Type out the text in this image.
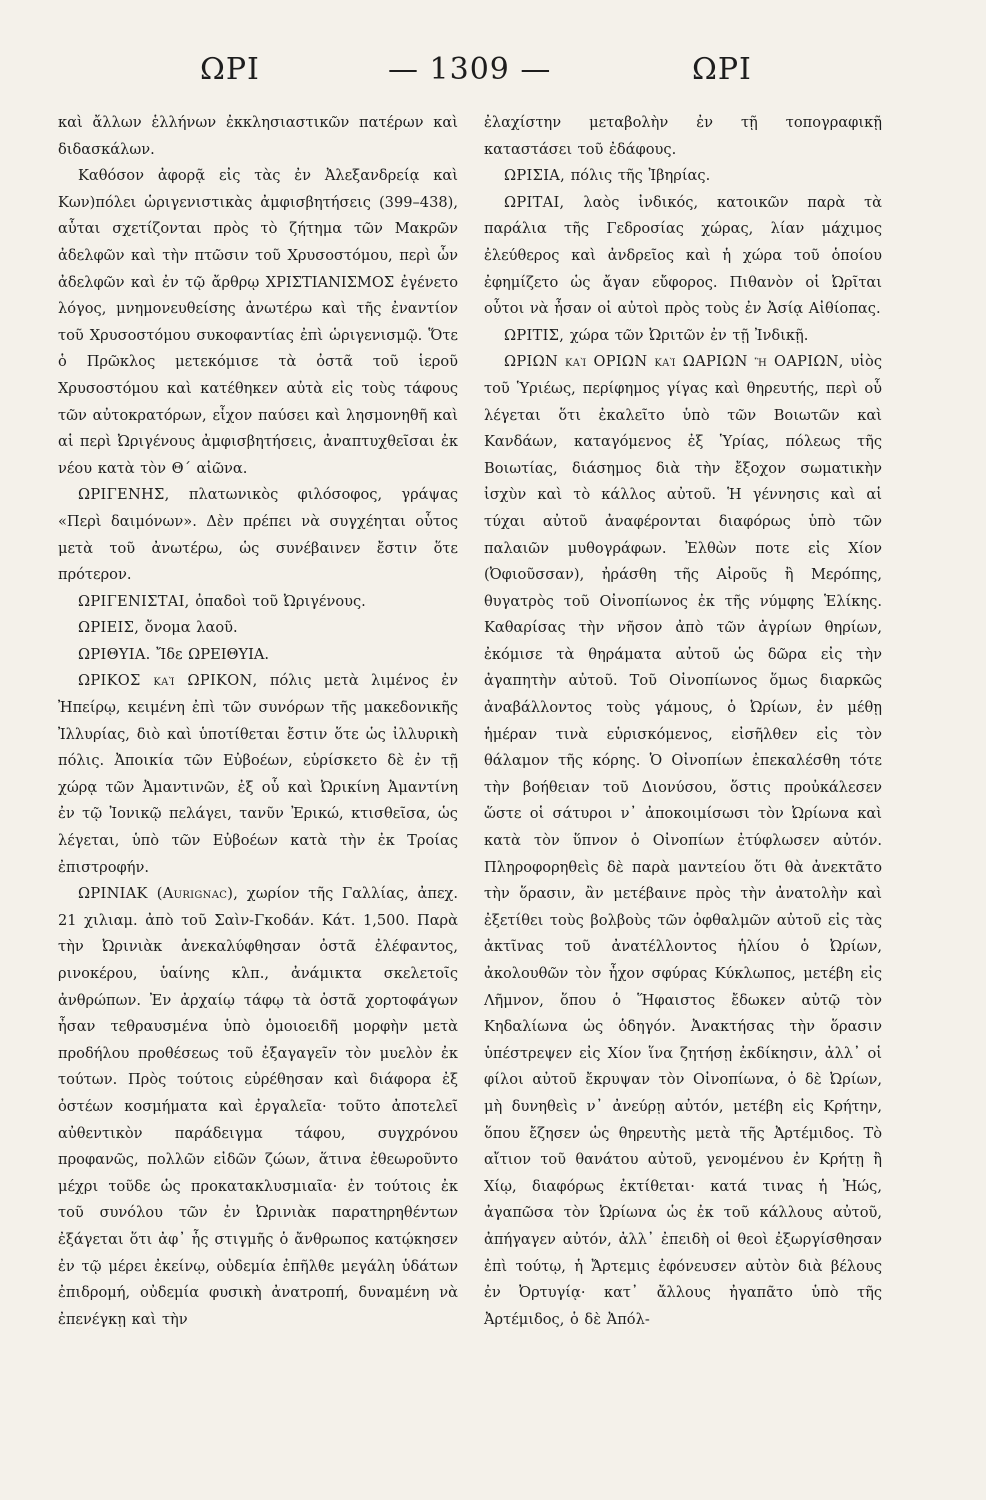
ΩΡΙ	— 1309 —	ΩΡΙ

καὶ ἄλλων ἑλλήνων ἐκκλησιαστικῶν πατέρων καὶ διδασκάλων.

Καθόσον ἀφορᾷ εἰς τὰς ἐν Ἀλεξανδρείᾳ καὶ Κων)πόλει ὡριγενιστικὰς ἀμφισβητήσεις (399–438), αὗται σχετίζονται πρὸς τὸ ζήτημα τῶν Μακρῶν ἀδελφῶν καὶ τὴν πτῶσιν τοῦ Χρυσοστόμου, περὶ ὧν ἀδελφῶν καὶ ἐν τῷ ἄρθρῳ ΧΡΙΣΤΙΑΝΙΣΜΟΣ ἐγένετο λόγος, μνημονευθείσης ἀνωτέρω καὶ τῆς ἐναντίον τοῦ Χρυσοστόμου συκοφαντίας ἐπὶ ὡριγενισμῷ. Ὅτε ὁ Πρῶκλος μετεκόμισε τὰ ὀστᾶ τοῦ ἱεροῦ Χρυσοστόμου καὶ κατέθηκεν αὐτὰ εἰς τοὺς τάφους τῶν αὐτοκρατόρων, εἶχον παύσει καὶ λησμονηθῆ καὶ αἱ περὶ Ὠριγένους ἀμφισβητήσεις, ἀναπτυχθεῖσαι ἐκ νέου κατὰ τὸν Θ΄ αἰῶνα.

ΩΡΙΓΕΝΗΣ, πλατωνικὸς φιλόσοφος, γράψας «Περὶ δαιμόνων». Δὲν πρέπει νὰ συγχέηται οὗτος μετὰ τοῦ ἀνωτέρω, ὡς συνέβαινεν ἔστιν ὅτε πρότερον.

ΩΡΙΓΕΝΙΣΤΑΙ, ὀπαδοὶ τοῦ Ὠριγένους.

ΩΡΙΕΙΣ, ὄνομα λαοῦ.

ΩΡΙΘΥΙΑ. Ἴδε ΩΡΕΙΘΥΙΑ.

ΩΡΙΚΟΣ καὶ ΩΡΙΚΟΝ, πόλις μετὰ λιμένος ἐν Ἠπείρῳ, κειμένη ἐπὶ τῶν συνόρων τῆς μακεδονικῆς Ἰλλυρίας, διὸ καὶ ὑποτίθεται ἔστιν ὅτε ὡς ἰλλυρικὴ πόλις. Ἀποικία τῶν Εὐβοέων, εὑρίσκετο δὲ ἐν τῇ χώρᾳ τῶν Ἀμαντινῶν, ἐξ οὗ καὶ Ὠρικίνη Ἀμαντίνη ἐν τῷ Ἰονικῷ πελάγει, τανῦν Ἐρικώ, κτισθεῖσα, ὡς λέγεται, ὑπὸ τῶν Εὐβοέων κατὰ τὴν ἐκ Τροίας ἐπιστροφήν.

ΩΡΙΝΙΑΚ (Aurignac), χωρίον τῆς Γαλλίας, ἀπεχ. 21 χιλιαμ. ἀπὸ τοῦ Σαὶν-Γκοδάν. Κάτ. 1,500. Παρὰ τὴν Ὠρινιὰκ ἀνεκαλύφθησαν ὀστᾶ ἐλέφαντος, ρινοκέρου, ὑαίνης κλπ., ἀνάμικτα σκελετοῖς ἀνθρώπων. Ἐν ἀρχαίῳ τάφῳ τὰ ὀστᾶ χορτοφάγων ἦσαν τεθραυσμένα ὑπὸ ὁμοιοειδῆ μορφὴν μετὰ προδήλου προθέσεως τοῦ ἐξαγαγεῖν τὸν μυελὸν ἐκ τούτων. Πρὸς τούτοις εὑρέθησαν καὶ διάφορα ἐξ ὀστέων κοσμήματα καὶ ἐργαλεῖα· τοῦτο ἀποτελεῖ αὐθεντικὸν παράδειγμα τάφου, συγχρόνου προφανῶς, πολλῶν εἰδῶν ζώων, ἅτινα ἐθεωροῦντο μέχρι τοῦδε ὡς προκατακλυσμιαῖα· ἐν τούτοις ἐκ τοῦ συνόλου τῶν ἐν Ὠρινιὰκ παρατηρηθέντων ἐξάγεται ὅτι ἀφ᾽ ἧς στιγμῆς ὁ ἄνθρωπος κατῴκησεν ἐν τῷ μέρει ἐκείνῳ, οὐδεμία ἐπῆλθε μεγάλη ὑδάτων ἐπιδρομή, οὐδεμία φυσικὴ ἀνατροπή, δυναμένη νὰ ἐπενέγκῃ καὶ τὴν

ἐλαχίστην μεταβολὴν ἐν τῇ τοπογραφικῇ καταστάσει τοῦ ἐδάφους.

ΩΡΙΣΙΑ, πόλις τῆς Ἰβηρίας.

ΩΡΙΤΑΙ, λαὸς ἰνδικός, κατοικῶν παρὰ τὰ παράλια τῆς Γεδροσίας χώρας, λίαν μάχιμος ἐλεύθερος καὶ ἀνδρεῖος καὶ ἡ χώρα τοῦ ὁποίου ἐφημίζετο ὡς ἄγαν εὔφορος. Πιθανὸν οἱ Ὠρῖται οὗτοι νὰ ἦσαν οἱ αὐτοὶ πρὸς τοὺς ἐν Ἀσίᾳ Αἰθίοπας.

ΩΡΙΤΙΣ, χώρα τῶν Ὠριτῶν ἐν τῇ Ἰνδικῇ.

ΩΡΙΩΝ καὶ ΟΡΙΩΝ καὶ ΩΑΡΙΩΝ ἢ ΟΑΡΙΩΝ, υἱὸς τοῦ Ὑριέως, περίφημος γίγας καὶ θηρευτής, περὶ οὗ λέγεται ὅτι ἐκαλεῖτο ὑπὸ τῶν Βοιωτῶν καὶ Κανδάων, καταγόμενος ἐξ Ὑρίας, πόλεως τῆς Βοιωτίας, διάσημος διὰ τὴν ἔξοχον σωματικὴν ἰσχὺν καὶ τὸ κάλλος αὐτοῦ. Ἡ γέννησις καὶ αἱ τύχαι αὐτοῦ ἀναφέρονται διαφόρως ὑπὸ τῶν παλαιῶν μυθογράφων. Ἐλθὼν ποτε εἰς Χίον (Ὀφιοῦσσαν), ἠράσθη τῆς Αἰροῦς ἢ Μερόπης, θυγατρὸς τοῦ Οἰνοπίωνος ἐκ τῆς νύμφης Ἑλίκης. Καθαρίσας τὴν νῆσον ἀπὸ τῶν ἀγρίων θηρίων, ἐκόμισε τὰ θηράματα αὐτοῦ ὡς δῶρα εἰς τὴν ἀγαπητὴν αὐτοῦ. Τοῦ Οἰνοπίωνος ὅμως διαρκῶς ἀναβάλλοντος τοὺς γάμους, ὁ Ὠρίων, ἐν μέθῃ ἡμέραν τινὰ εὑρισκόμενος, εἰσῆλθεν εἰς τὸν θάλαμον τῆς κόρης. Ὁ Οἰνοπίων ἐπεκαλέσθη τότε τὴν βοήθειαν τοῦ Διονύσου, ὅστις προὐκάλεσεν ὥστε οἱ σάτυροι ν᾽ ἀποκοιμίσωσι τὸν Ὠρίωνα καὶ κατὰ τὸν ὕπνον ὁ Οἰνοπίων ἐτύφλωσεν αὐτόν. Πληροφορηθεὶς δὲ παρὰ μαντείου ὅτι θὰ ἀνεκτᾶτο τὴν ὅρασιν, ἂν μετέβαινε πρὸς τὴν ἀνατολὴν καὶ ἐξετίθει τοὺς βολβοὺς τῶν ὀφθαλμῶν αὐτοῦ εἰς τὰς ἀκτῖνας τοῦ ἀνατέλλοντος ἡλίου ὁ Ὠρίων, ἀκολουθῶν τὸν ἦχον σφύρας Κύκλωπος, μετέβη εἰς Λῆμνον, ὅπου ὁ Ἥφαιστος ἔδωκεν αὐτῷ τὸν Κηδαλίωνα ὡς ὁδηγόν. Ἀνακτήσας τὴν ὅρασιν ὑπέστρεψεν εἰς Χίον ἵνα ζητήσῃ ἐκδίκησιν, ἀλλ᾽ οἱ φίλοι αὐτοῦ ἔκρυψαν τὸν Οἰνοπίωνα, ὁ δὲ Ὠρίων, μὴ δυνηθεὶς ν᾽ ἀνεύρῃ αὐτόν, μετέβη εἰς Κρήτην, ὅπου ἔζησεν ὡς θηρευτὴς μετὰ τῆς Ἀρτέμιδος. Τὸ αἴτιον τοῦ θανάτου αὐτοῦ, γενομένου ἐν Κρήτῃ ἢ Χίῳ, διαφόρως ἐκτίθεται· κατά τινας ἡ Ἠώς, ἀγαπῶσα τὸν Ὠρίωνα ὡς ἐκ τοῦ κάλλους αὐτοῦ, ἀπήγαγεν αὐτόν, ἀλλ᾽ ἐπειδὴ οἱ θεοὶ ἐξωργίσθησαν ἐπὶ τούτῳ, ἡ Ἄρτεμις ἐφόνευσεν αὐτὸν διὰ βέλους ἐν Ὀρτυγίᾳ· κατ᾽ ἄλλους ἠγαπᾶτο ὑπὸ τῆς Ἀρτέμιδος, ὁ δὲ Ἀπόλ-
